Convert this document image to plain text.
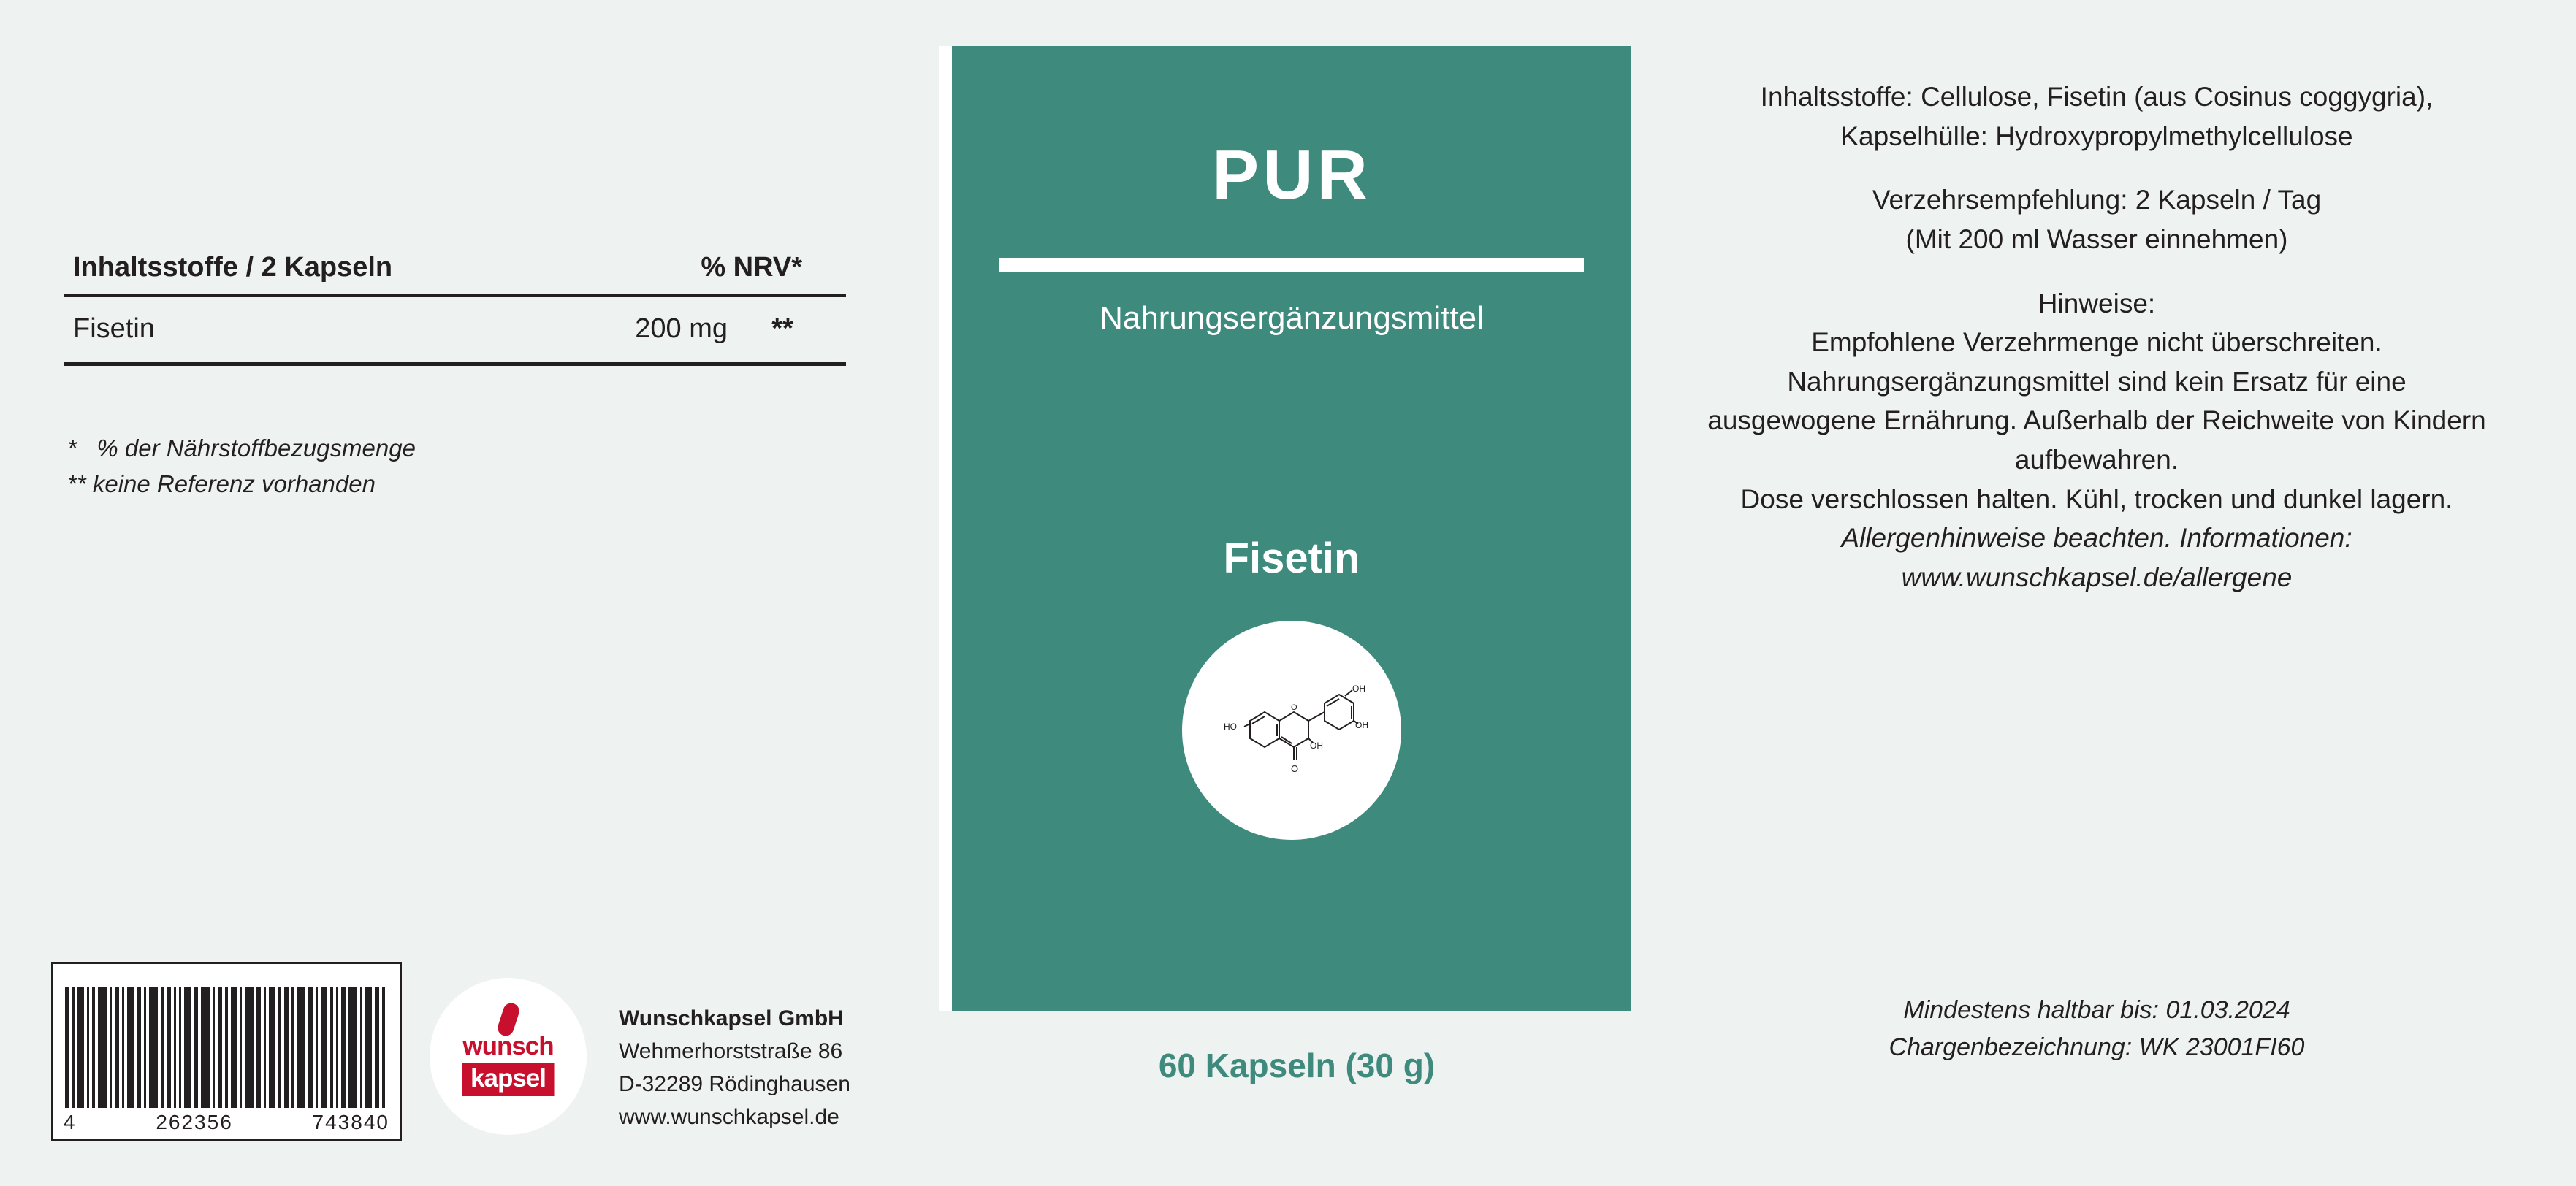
Inhaltsstoffe / 2 Kapseln	% NRV*
Fisetin	200 mg	**
*   % der Nährstoffbezugsmenge
** keine Referenz vorhanden
4	262356	743840
wunsch
kapsel
Wunschkapsel GmbH
Wehmerhorststraße 86
D-32289 Rödinghausen
www.wunschkapsel.de
PUR
Nahrungsergänzungsmittel
Fisetin
O
O
HO
OH
OH
OH
60 Kapseln (30 g)

Inhaltsstoffe: Cellulose, Fisetin (aus Cosinus coggygria), Kapselhülle: Hydroxypropylmethylcellulose

Verzehrsempfehlung: 2 Kapseln / Tag

(Mit 200 ml Wasser einnehmen)

Hinweise:

Empfohlene Verzehrmenge nicht überschreiten. Nahrungsergänzungsmittel sind kein Ersatz für eine ausgewogene Ernährung. Außerhalb der Reichweite von Kindern aufbewahren.

Dose verschlossen halten. Kühl, trocken und dunkel lagern.

Allergenhinweise beachten. Informationen: www.wunschkapsel.de/allergene

Mindestens haltbar bis: 01.03.2024
Chargenbezeichnung: WK 23001FI60
